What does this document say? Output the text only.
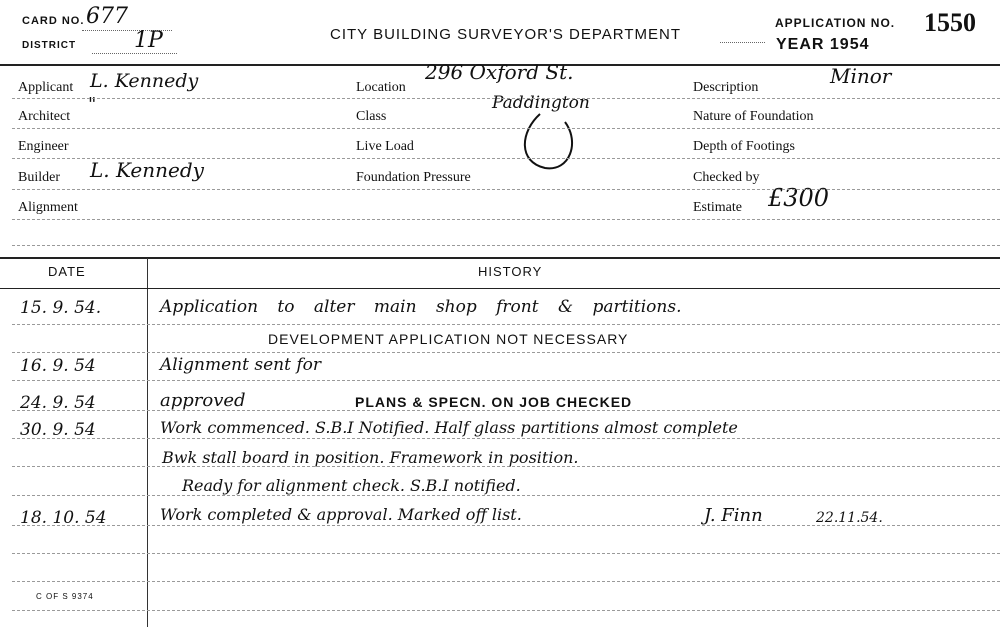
CARD NO. 677
DISTRICT	1P	CITY BUILDING SURVEYOR'S DEPARTMENT
APPLICATION NO. 1550
YEAR 1954
Applicant L. Kennedy
Architect
"
Engineer
Builder L. Kennedy
Alignment
Location
296 Oxford St.
Class
Paddington
Live Load
Foundation Pressure
Description	Minor
Nature of Foundation
Depth of Footings
Checked by
Estimate £300
DATE	HISTORY
15. 9. 54.	Application to alter main shop front & partitions.
DEVELOPMENT APPLICATION NOT NECESSARY
16. 9. 54	Alignment sent for
24. 9. 54	approved	PLANS & SPECN. ON JOB CHECKED
30. 9. 54	Work commenced. S.B.I Notified. Half glass partitions almost complete
Bwk stall board in position. Framework in position.
Ready for alignment check. S.B.I notified.
18. 10. 54	Work completed & approval. Marked off list.	J. Finn	22.11.54.
C OF S 9374
